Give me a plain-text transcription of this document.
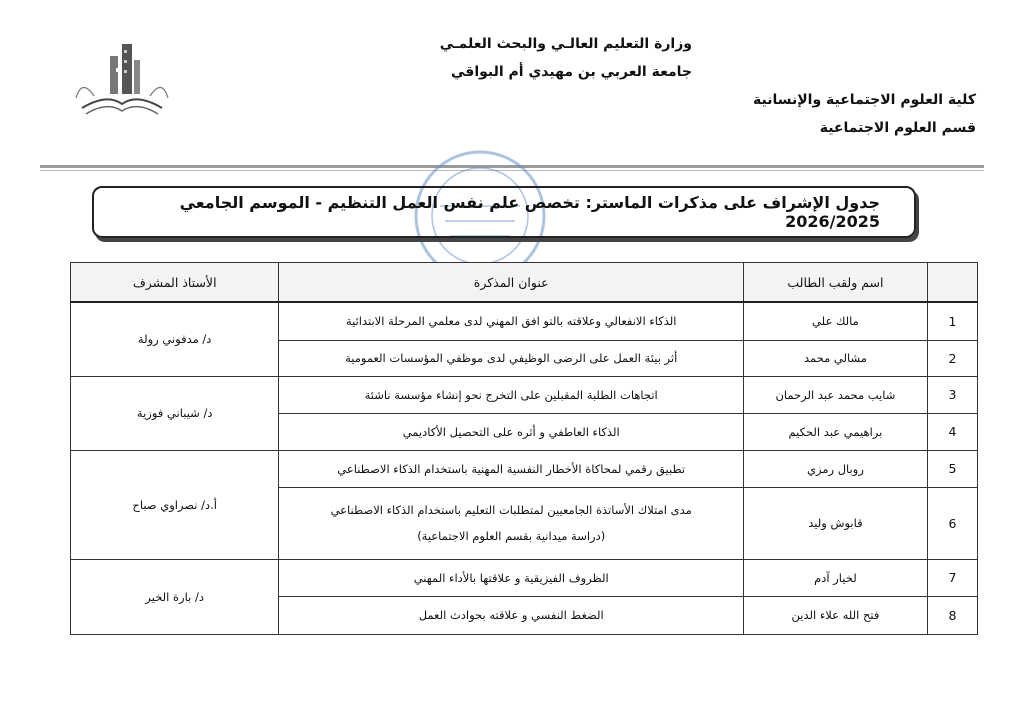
وزارة التعليم العالـي والبحث العلمـي
جامعة العربي بن مهيدي أم البواقي
كلية العلوم الاجتماعية والإنسانية
قسم العلوم الاجتماعية
جدول الإشراف على مذكرات الماستر: تخصص علم نفس العمل التنظيم - الموسم الجامعي 2026/2025
	اسم ولقب الطالب	عنوان المذكرة	الأستاذ المشرف
1	مالك علي	الذكاء الانفعالي وعلاقته بالتو افق المهني لدى معلمي المرحلة الابتدائية	د/ مدفوني رولة
2	مشالي محمد	أثر بيئة العمل على الرضى الوظيفي لدى موظفي المؤسسات العمومية	
3	شايب محمد عبد الرحمان	اتجاهات الطلبة المقبلين على التخرج نحو إنشاء مؤسسة ناشئة	د/ شيباني فوزية
4	براهيمي عبد الحكيم	الذكاء العاطفي و أثره على التحصيل الأكاديمي	
5	روبال رمزي	تطبيق رقمي لمحاكاة الأخطار النفسية المهنية باستخدام الذكاء الاصطناعي	أ.د/ نصراوي صباح
6	قابوش وليد	مدى امتلاك الأساتذة الجامعيين لمتطلبات التعليم باستخدام الذكاء الاصطناعي
(دراسة ميدانية بقسم العلوم الاجتماعية)	

7	لخيار آدم	الظروف الفيزيقية و علاقتها بالأداء المهني	د/ بارة الخير
8	فتح الله علاء الدين	الضغط النفسي و علاقته بحوادث العمل	
